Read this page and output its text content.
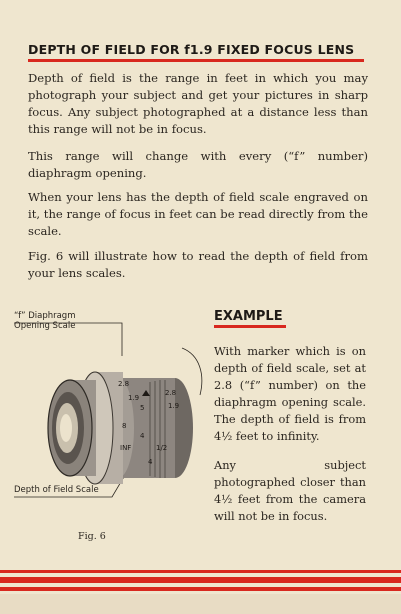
DEPTH OF FIELD FOR f1.9 FIXED FOCUS LENS

Depth of field is the range in feet in which you may photograph your subject and get your pictures in sharp focus. Any subject photographed at a distance less than this range will not be in focus.

This range will change with every (“f” number) diaphragm opening.

When your lens has the depth of field scale engraved on it, the range of focus in feet can be read directly from the scale.

Fig. 6 will illustrate how to read the depth of field from your lens scales.

“f” Diaphragm Opening Scale
Depth of Field Scale
2.8
1.9
5
4
8
INF	1/2
1.9
2.8
4
Fig. 6
EXAMPLE

With marker which is on depth of field scale, set at 2.8 (“f” number) on the diaphragm opening scale. The depth of field is from 4½ feet to infinity.

Any subject photographed closer than 4½ feet from the camera will not be in focus.
